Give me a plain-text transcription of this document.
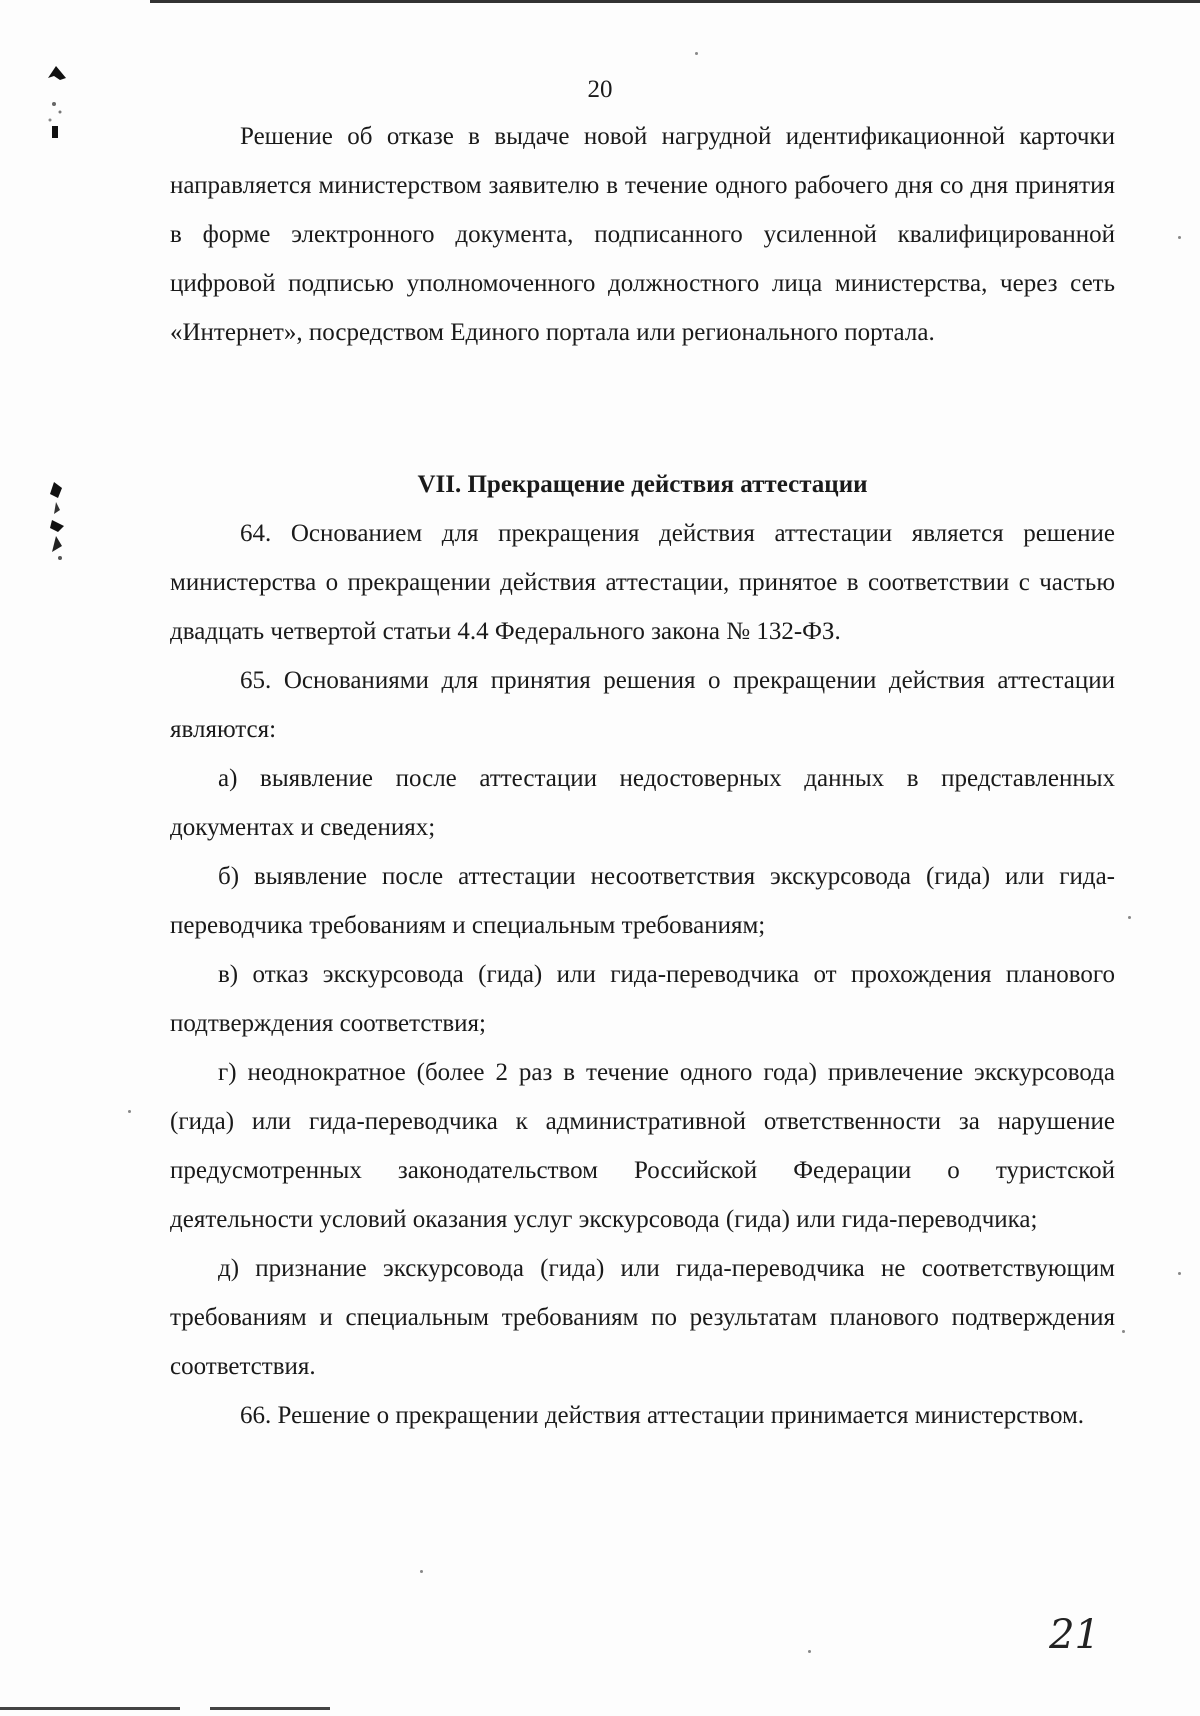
20

Решение об отказе в выдаче новой нагрудной идентификационной карточки направляется министерством заявителю в течение одного рабочего дня со дня принятия в форме электронного документа, подписанного усиленной квалифицированной цифровой подписью уполномоченного должностного лица министерства, через сеть «Интернет», посредством Единого портала или регионального портала.

VII. Прекращение действия аттестации

64. Основанием для прекращения действия аттестации является решение министерства о прекращении действия аттестации, принятое в соответствии с частью двадцать четвертой статьи 4.4 Федерального закона № 132-ФЗ.

65. Основаниями для принятия решения о прекращении действия аттестации являются:

а) выявление после аттестации недостоверных данных в представленных документах и сведениях;

б) выявление после аттестации несоответствия экскурсовода (гида) или гида-переводчика требованиям и специальным требованиям;

в) отказ экскурсовода (гида) или гида-переводчика от прохождения планового подтверждения соответствия;

г) неоднократное (более 2 раз в течение одного года) привлечение экскурсовода (гида) или гида-переводчика к административной ответственности за нарушение предусмотренных законодательством Российской Федерации о туристской деятельности условий оказания услуг экскурсовода (гида) или гида-переводчика;

д) признание экскурсовода (гида) или гида-переводчика не соответствующим требованиям и специальным требованиям по результатам планового подтверждения соответствия.

66. Решение о прекращении действия аттестации принимается министерством.

21
